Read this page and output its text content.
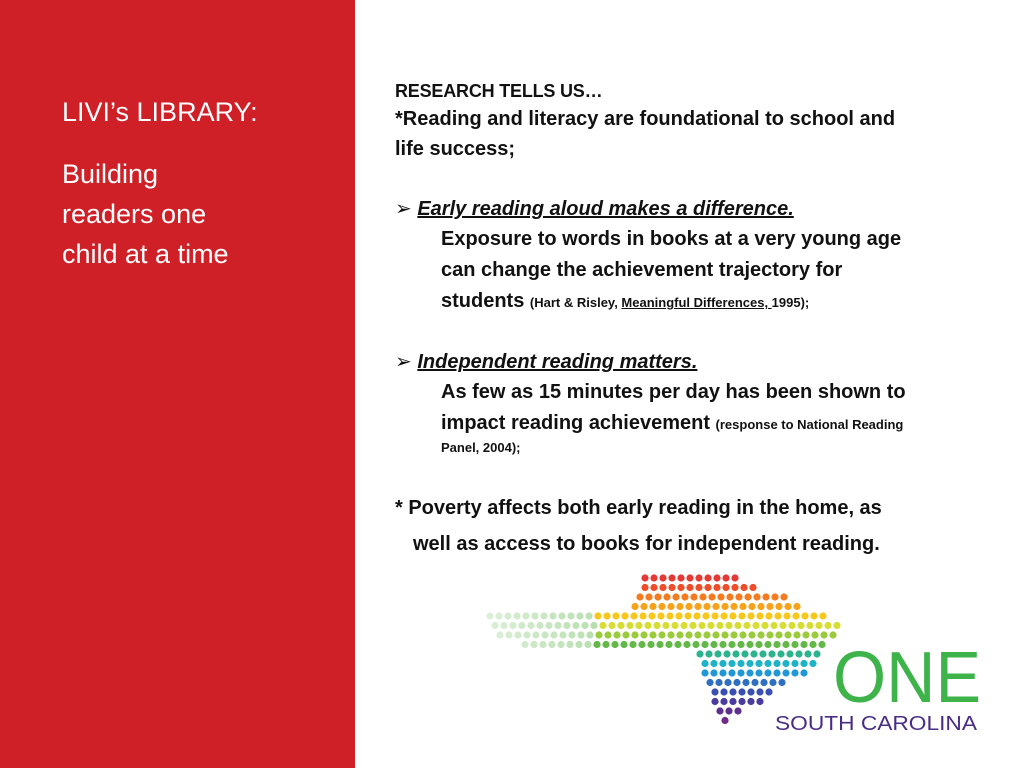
LIVI’s LIBRARY:
Building
readers one
child at a time
RESEARCH TELLS US…
*Reading and literacy are foundational to school and
life success;
➢ Early reading aloud makes a difference.
Exposure to words in books at a very young age
can change the achievement trajectory for
students (Hart & Risley, Meaningful Differences, 1995);
➢ Independent reading matters.
As few as 15 minutes per day has been shown to
impact reading achievement (response to National Reading
Panel, 2004);
* Poverty affects both early reading in the home, as
well as access to books for independent reading.
ONE
SOUTH CAROLINA
